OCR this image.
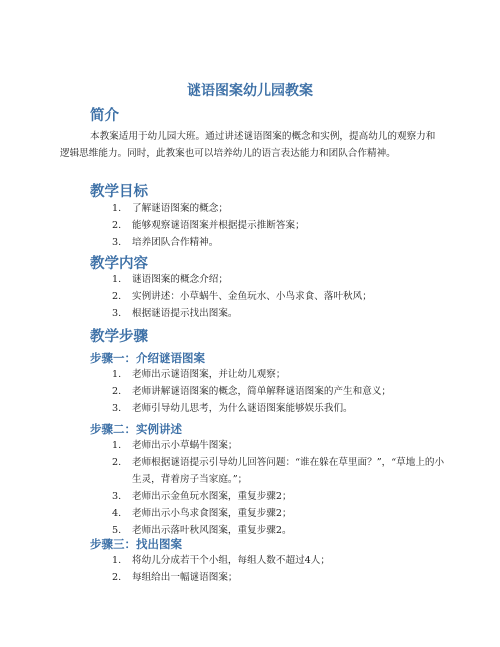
谜语图案幼儿园教案
简介

本教案适用于幼儿园大班。通过讲述谜语图案的概念和实例，提高幼儿的观察力和逻辑思维能力。同时，此教案也可以培养幼儿的语言表达能力和团队合作精神。

教学目标
1. 了解谜语图案的概念；
2. 能够观察谜语图案并根据提示推断答案；
3. 培养团队合作精神。
教学内容
1. 谜语图案的概念介绍；
2. 实例讲述：小草蜗牛、金鱼玩水、小鸟求食、落叶秋风；
3. 根据谜语提示找出图案。
教学步骤
步骤一：介绍谜语图案
1. 老师出示谜语图案，并让幼儿观察；
2. 老师讲解谜语图案的概念，简单解释谜语图案的产生和意义；
3. 老师引导幼儿思考，为什么谜语图案能够娱乐我们。
步骤二：实例讲述
1. 老师出示小草蜗牛图案；
2. 老师根据谜语提示引导幼儿回答问题：“谁在躲在草里面？”，“草地上的小生灵，背着房子当家庭。”；
3. 老师出示金鱼玩水图案，重复步骤2；
4. 老师出示小鸟求食图案，重复步骤2；
5. 老师出示落叶秋风图案，重复步骤2。
步骤三：找出图案
1. 将幼儿分成若干个小组，每组人数不超过4人；
2. 每组给出一幅谜语图案；
